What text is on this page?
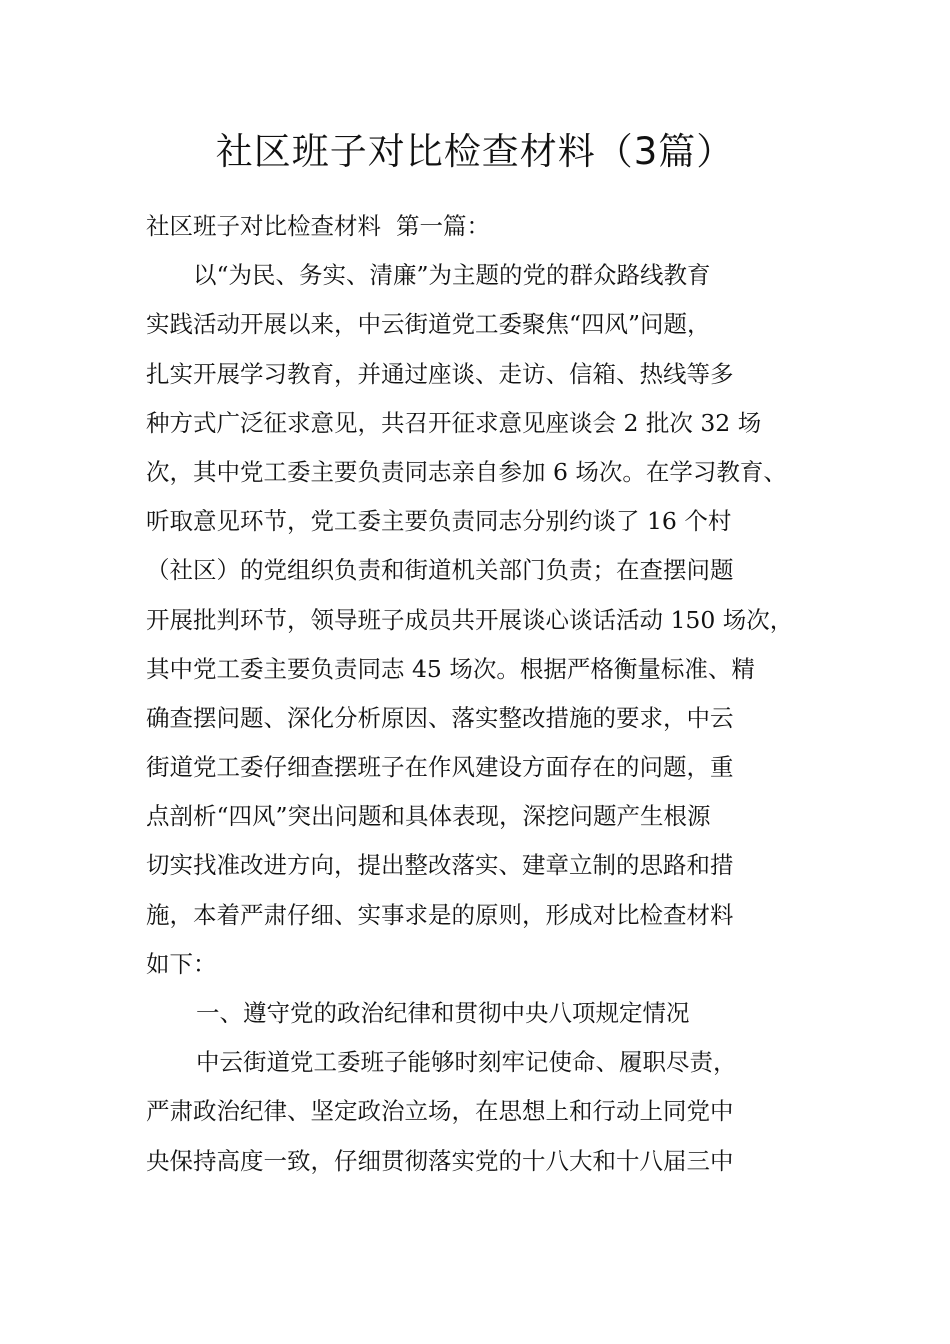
社区班子对比检查材料（3篇）
社区班子对比检查材料  第一篇：
以“为民、务实、清廉”为主题的党的群众路线教育
实践活动开展以来，中云街道党工委聚焦“四风”问题，
扎实开展学习教育，并通过座谈、走访、信箱、热线等多
种方式广泛征求意见，共召开征求意见座谈会 2 批次 32 场
次，其中党工委主要负责同志亲自参加 6 场次。在学习教育、
听取意见环节，党工委主要负责同志分别约谈了 16 个村
（社区）的党组织负责和街道机关部门负责；在查摆问题
开展批判环节，领导班子成员共开展谈心谈话活动 150 场次，
其中党工委主要负责同志 45 场次。根据严格衡量标准、精
确查摆问题、深化分析原因、落实整改措施的要求，中云
街道党工委仔细查摆班子在作风建设方面存在的问题，重
点剖析“四风”突出问题和具体表现，深挖问题产生根源
切实找准改进方向，提出整改落实、建章立制的思路和措
施，本着严肃仔细、实事求是的原则，形成对比检查材料
如下：
一、遵守党的政治纪律和贯彻中央八项规定情况
中云街道党工委班子能够时刻牢记使命、履职尽责，
严肃政治纪律、坚定政治立场，在思想上和行动上同党中
央保持高度一致，仔细贯彻落实党的十八大和十八届三中
